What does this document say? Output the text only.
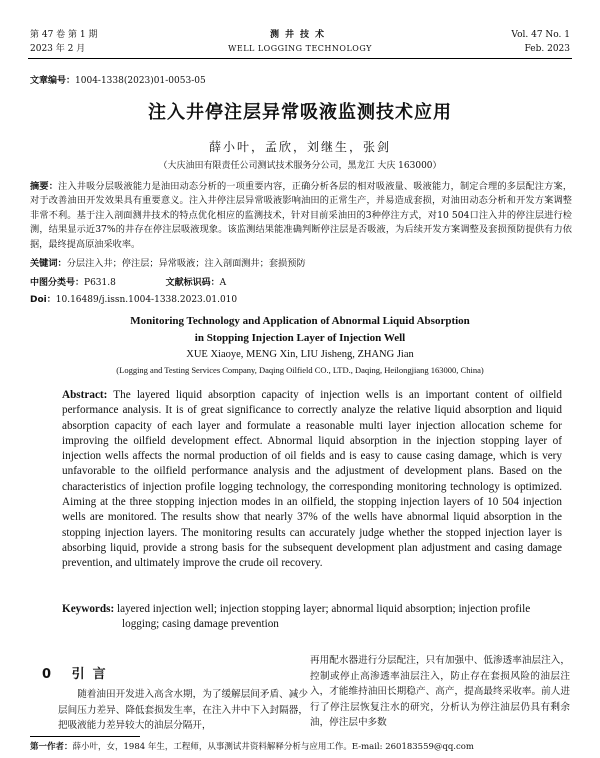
第 47 卷 第 1 期
2023 年 2 月
测井技术
WELL LOGGING TECHNOLOGY
Vol. 47 No. 1
Feb. 2023
文章编号：1004-1338(2023)01-0053-05
注入井停注层异常吸液监测技术应用
薛小叶，孟欣，刘继生，张剑
（大庆油田有限责任公司测试技术服务分公司，黑龙江 大庆 163000）
摘要：注入井吸分层吸液能力是油田动态分析的一项重要内容，正确分析各层的相对吸液量、吸液能力，制定合理的多层配注方案，对于改善油田开发效果具有重要意义。注入井停注层异常吸液影响油田的正常生产，并易造成套损，对油田动态分析和开发方案调整非常不利。基于注入剖面测井技术的特点优化相应的监测技术，针对目前采油田的3种停注方式，对10 504口注入井的停注层进行检测，结果显示近37%的井存在停注层吸液现象。该监测结果能准确判断停注层是否吸液，为后续开发方案调整及套损预防提供有力依据，最终提高原油采收率。
关键词：分层注入井；停注层；异常吸液；注入剖面测井；套损预防
中图分类号：P631.8	文献标识码：A
Doi：10.16489/j.issn.1004-1338.2023.01.010
Monitoring Technology and Application of Abnormal Liquid Absorption
in Stopping Injection Layer of Injection Well
XUE Xiaoye, MENG Xin, LIU Jisheng, ZHANG Jian
(Logging and Testing Services Company, Daqing Oilfield CO., LTD., Daqing, Heilongjiang 163000, China)
Abstract: The layered liquid absorption capacity of injection wells is an important content of oilfield performance analysis. It is of great significance to correctly analyze the relative liquid absorption and liquid absorption capacity of each layer and formulate a reasonable multi layer injection allocation scheme for improving the oilfield development effect. Abnormal liquid absorption in the injection stopping layer of injection wells affects the normal production of oil fields and is easy to cause casing damage, which is very unfavorable to the oilfield performance analysis and the adjustment of development plans. Based on the characteristics of injection profile logging technology, the corresponding monitoring technology is optimized. Aiming at the three stopping injection modes in an oilfield, the stopping injection layers of 10 504 injection wells are monitored. The results show that nearly 37% of the wells have abnormal liquid absorption in the stopping injection layers. The monitoring results can accurately judge whether the stopped injection layer is absorbing liquid, provide a strong basis for the subsequent development plan adjustment and casing damage prevention, and ultimately improve the crude oil recovery.
Keywords: layered injection well; injection stopping layer; abnormal liquid absorption; injection profile logging; casing damage prevention
0 引言
随着油田开发进入高含水期，为了缓解层间矛盾、减少层间压力差异、降低套损发生率，在注入井中下入封隔器，把吸液能力差异较大的油层分隔开，
再用配水器进行分层配注，只有加强中、低渗透率油层注入，控制或停止高渗透率油层注入，防止存在套损风险的油层注入，才能维持油田长期稳产、高产，提高最终采收率。前人进行了停注层恢复注水的研究，分析认为停注油层仍具有剩余油，停注层中多数
第一作者：薛小叶，女，1984 年生，工程师，从事测试井资料解释分析与应用工作。E-mail: 260183559@qq.com
